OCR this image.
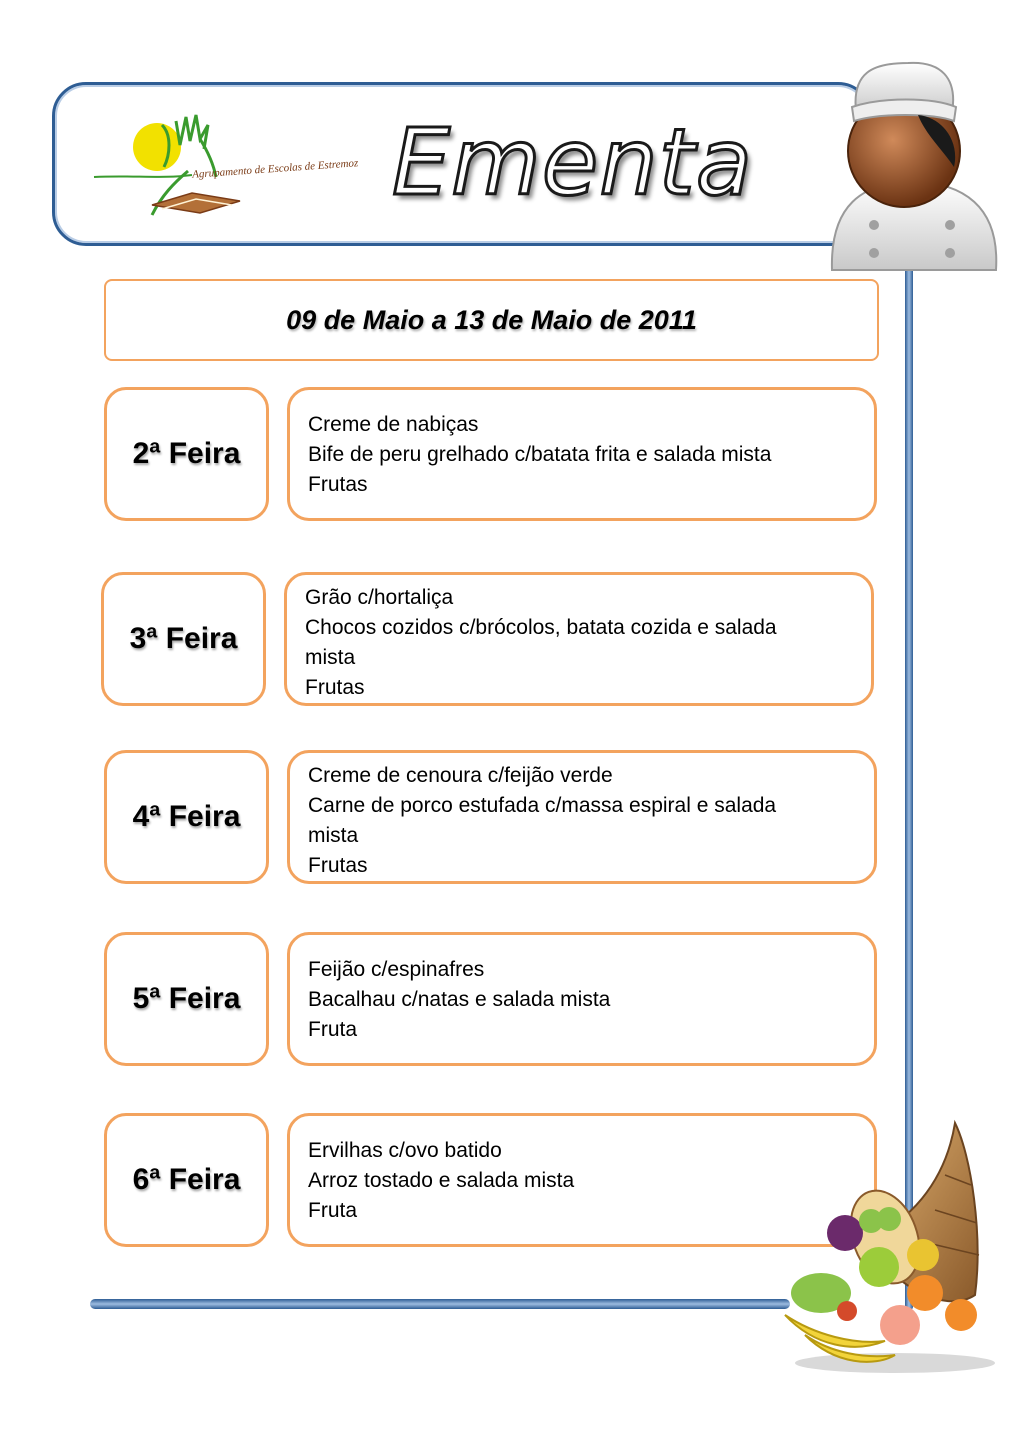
Agrupamento de Escolas de Estremoz Ementa
09 de Maio a 13 de Maio de 2011
2ª Feira
Creme de nabiças
Bife de peru grelhado c/batata frita e salada mista
Frutas
3ª Feira
Grão c/hortaliça
Chocos cozidos c/brócolos, batata cozida e salada
mista
Frutas
4ª Feira
Creme de cenoura c/feijão verde
Carne de porco estufada c/massa espiral e salada
mista
Frutas
5ª Feira
Feijão c/espinafres
Bacalhau c/natas e salada mista
Fruta
6ª Feira
Ervilhas c/ovo batido
Arroz tostado e salada mista
Fruta
